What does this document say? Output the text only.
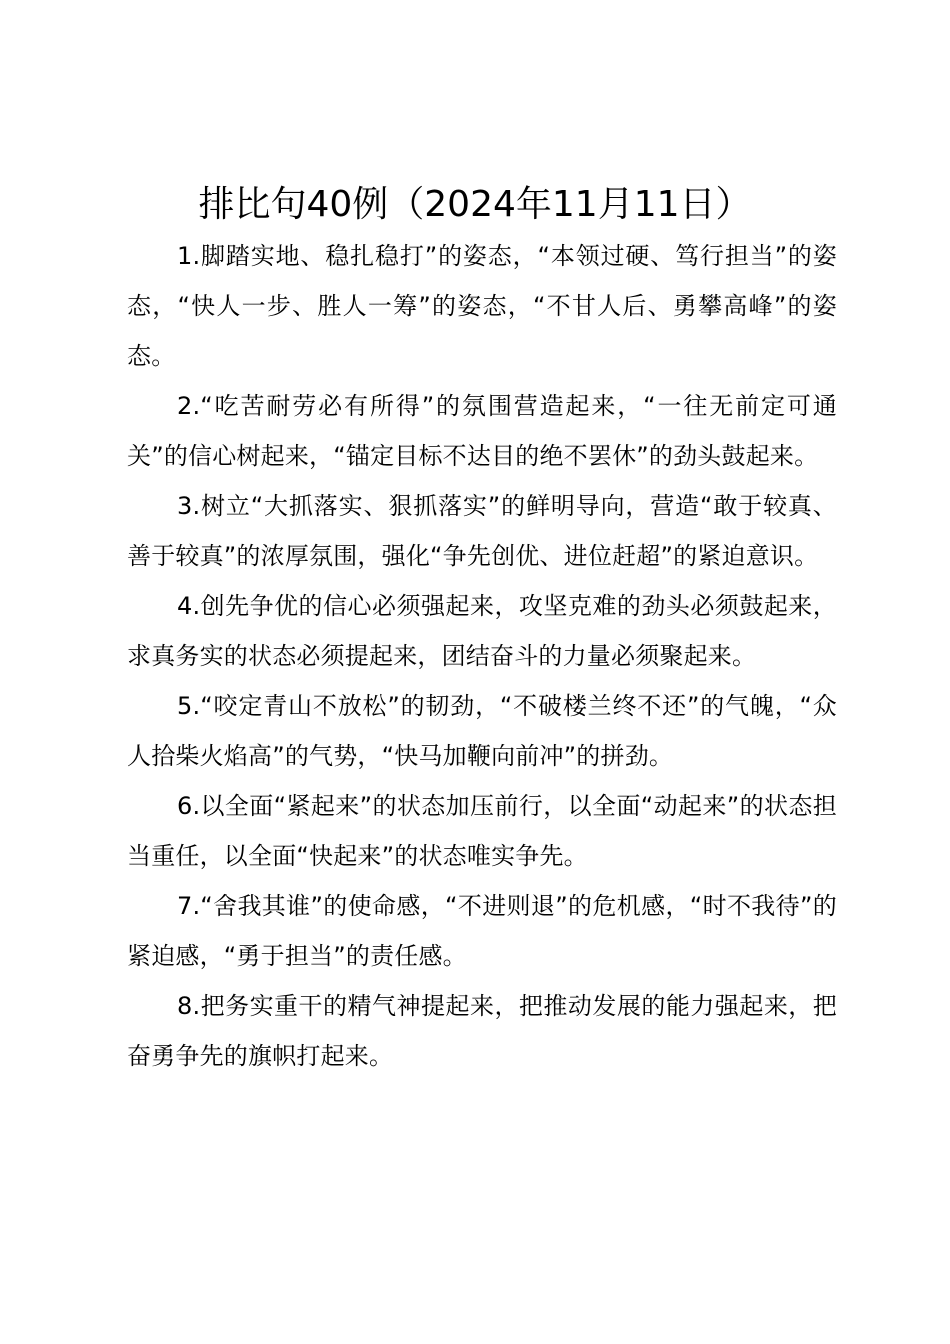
排比句40例（2024年11月11日）

1.脚踏实地、稳扎稳打”的姿态，“本领过硬、笃行担当”的姿态，“快人一步、胜人一筹”的姿态，“不甘人后、勇攀高峰”的姿态。

2.“吃苦耐劳必有所得”的氛围营造起来，“一往无前定可通关”的信心树起来，“锚定目标不达目的绝不罢休”的劲头鼓起来。

3.树立“大抓落实、狠抓落实”的鲜明导向，营造“敢于较真、善于较真”的浓厚氛围，强化“争先创优、进位赶超”的紧迫意识。

4.创先争优的信心必须强起来，攻坚克难的劲头必须鼓起来，求真务实的状态必须提起来，团结奋斗的力量必须聚起来。

5.“咬定青山不放松”的韧劲，“不破楼兰终不还”的气魄，“众人拾柴火焰高”的气势，“快马加鞭向前冲”的拼劲。

6.以全面“紧起来”的状态加压前行，以全面“动起来”的状态担当重任，以全面“快起来”的状态唯实争先。

7.“舍我其谁”的使命感，“不进则退”的危机感，“时不我待”的紧迫感，“勇于担当”的责任感。

8.把务实重干的精气神提起来，把推动发展的能力强起来，把奋勇争先的旗帜打起来。
